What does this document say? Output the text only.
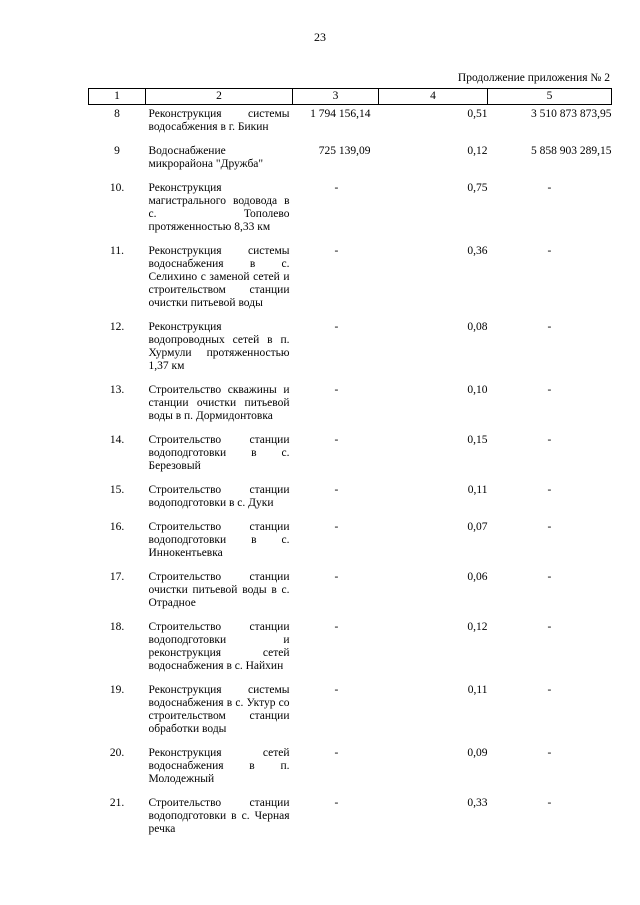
23
Продолжение приложения № 2
1	2	3	4	5
8	Реконструкция системы водосабжения в г. Бикин	1 794 156,14	0,51	3 510 873 873,95
9	Водоснабжение микрорайона "Дружба"	725 139,09	0,12	5 858 903 289,15
10.	Реконструкция магистрального водовода в с. Тополево протяженностью 8,33 км	-	0,75	-
11.	Реконструкция системы водоснабжения в с. Селихино с заменой сетей и строительством станции очистки питьевой воды	-	0,36	-
12.	Реконструкция водопроводных сетей в п. Хурмули протяженностью 1,37 км	-	0,08	-
13.	Строительство скважины и станции очистки питьевой воды в п. Дормидонтовка	-	0,10	-
14.	Строительство станции водоподготовки в с. Березовый	-	0,15	-
15.	Строительство станции водоподготовки в с. Дуки	-	0,11	-
16.	Строительство станции водоподготовки в с. Иннокентьевка	-	0,07	-
17.	Строительство станции очистки питьевой воды в с. Отрадное	-	0,06	-
18.	Строительство станции водоподготовки и реконструкция сетей водоснабжения в с. Найхин	-	0,12	-
19.	Реконструкция системы водоснабжения в с. Уктур со строительством станции обработки воды	-	0,11	-
20.	Реконструкция сетей водоснабжения в п. Молодежный	-	0,09	-
21.	Строительство станции водоподготовки в с. Черная речка	-	0,33	-
